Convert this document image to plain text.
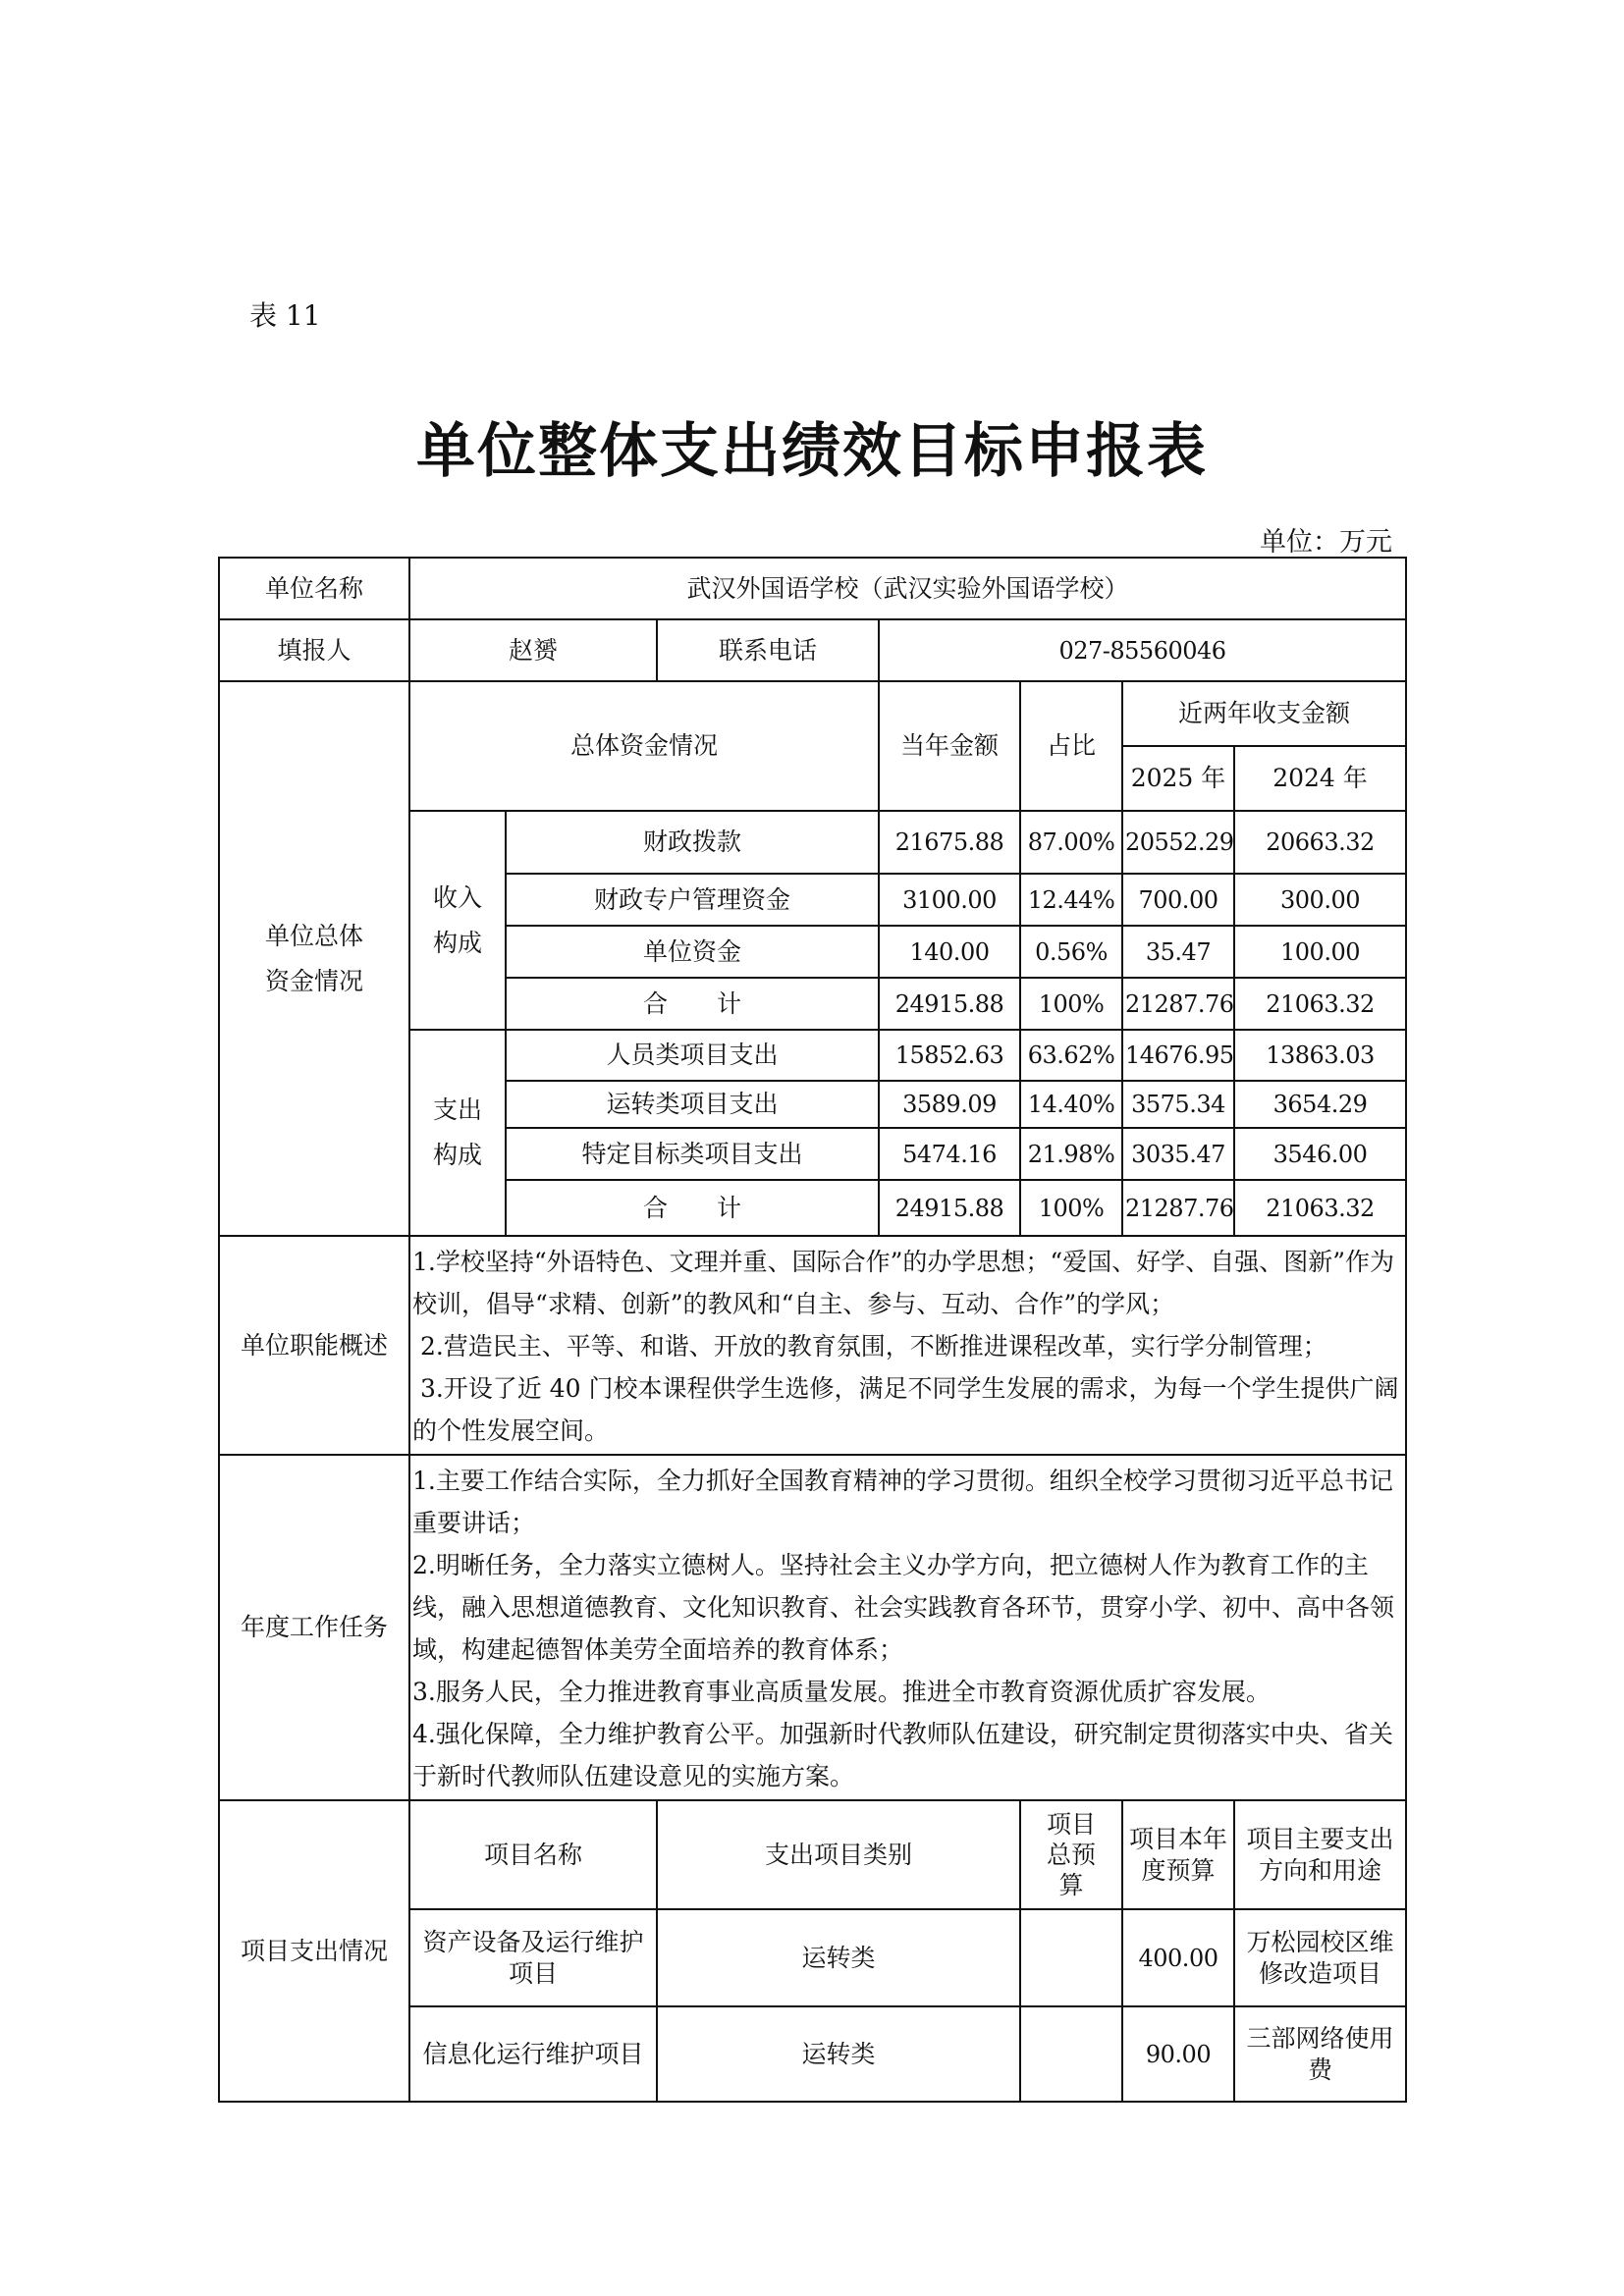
表 11
单位整体支出绩效目标申报表
单位：万元
单位名称	武汉外国语学校（武汉实验外国语学校）						
填报人	赵赟		联系电话	027-85560046			
单位总体资金情况	总体资金情况			当年金额	占比	近两年收支金额	
						2025 年	2024 年
	收入构成	财政拨款		21675.88	87.00%	20552.29	20663.32
		财政专户管理资金		3100.00	12.44%	700.00	300.00
		单位资金		140.00	0.56%	35.47	100.00
		合　　计		24915.88	100%	21287.76	21063.32
	支出构成	人员类项目支出		15852.63	63.62%	14676.95	13863.03
		运转类项目支出		3589.09	14.40%	3575.34	3654.29
		特定目标类项目支出		5474.16	21.98%	3035.47	3546.00
		合　　计		24915.88	100%	21287.76	21063.32
单位职能概述	1.学校坚持“外语特色、文理并重、国际合作”的办学思想；“爱国、好学、自强、图新”作为校训，倡导“求精、创新”的教风和“自主、参与、互动、合作”的学风；

2.营造民主、平等、和谐、开放的教育氛围，不断推进课程改革，实行学分制管理；

3.开设了近 40 门校本课程供学生选修，满足不同学生发展的需求，为每一个学生提供广阔的个性发展空间。						

年度工作任务	1.主要工作结合实际，全力抓好全国教育精神的学习贯彻。组织全校学习贯彻习近平总书记重要讲话；

2.明晰任务，全力落实立德树人。坚持社会主义办学方向，把立德树人作为教育工作的主线，融入思想道德教育、文化知识教育、社会实践教育各环节，贯穿小学、初中、高中各领域，构建起德智体美劳全面培养的教育体系；

3.服务人民，全力推进教育事业高质量发展。推进全市教育资源优质扩容发展。

4.强化保障，全力维护教育公平。加强新时代教师队伍建设，研究制定贯彻落实中央、省关于新时代教师队伍建设意见的实施方案。						

项目支出情况	项目名称		支出项目类别		项目总预算	项目本年度预算	项目主要支出方向和用途
	资产设备及运行维护项目		运转类			400.00	万松园校区维修改造项目
	信息化运行维护项目		运转类			90.00	三部网络使用费
